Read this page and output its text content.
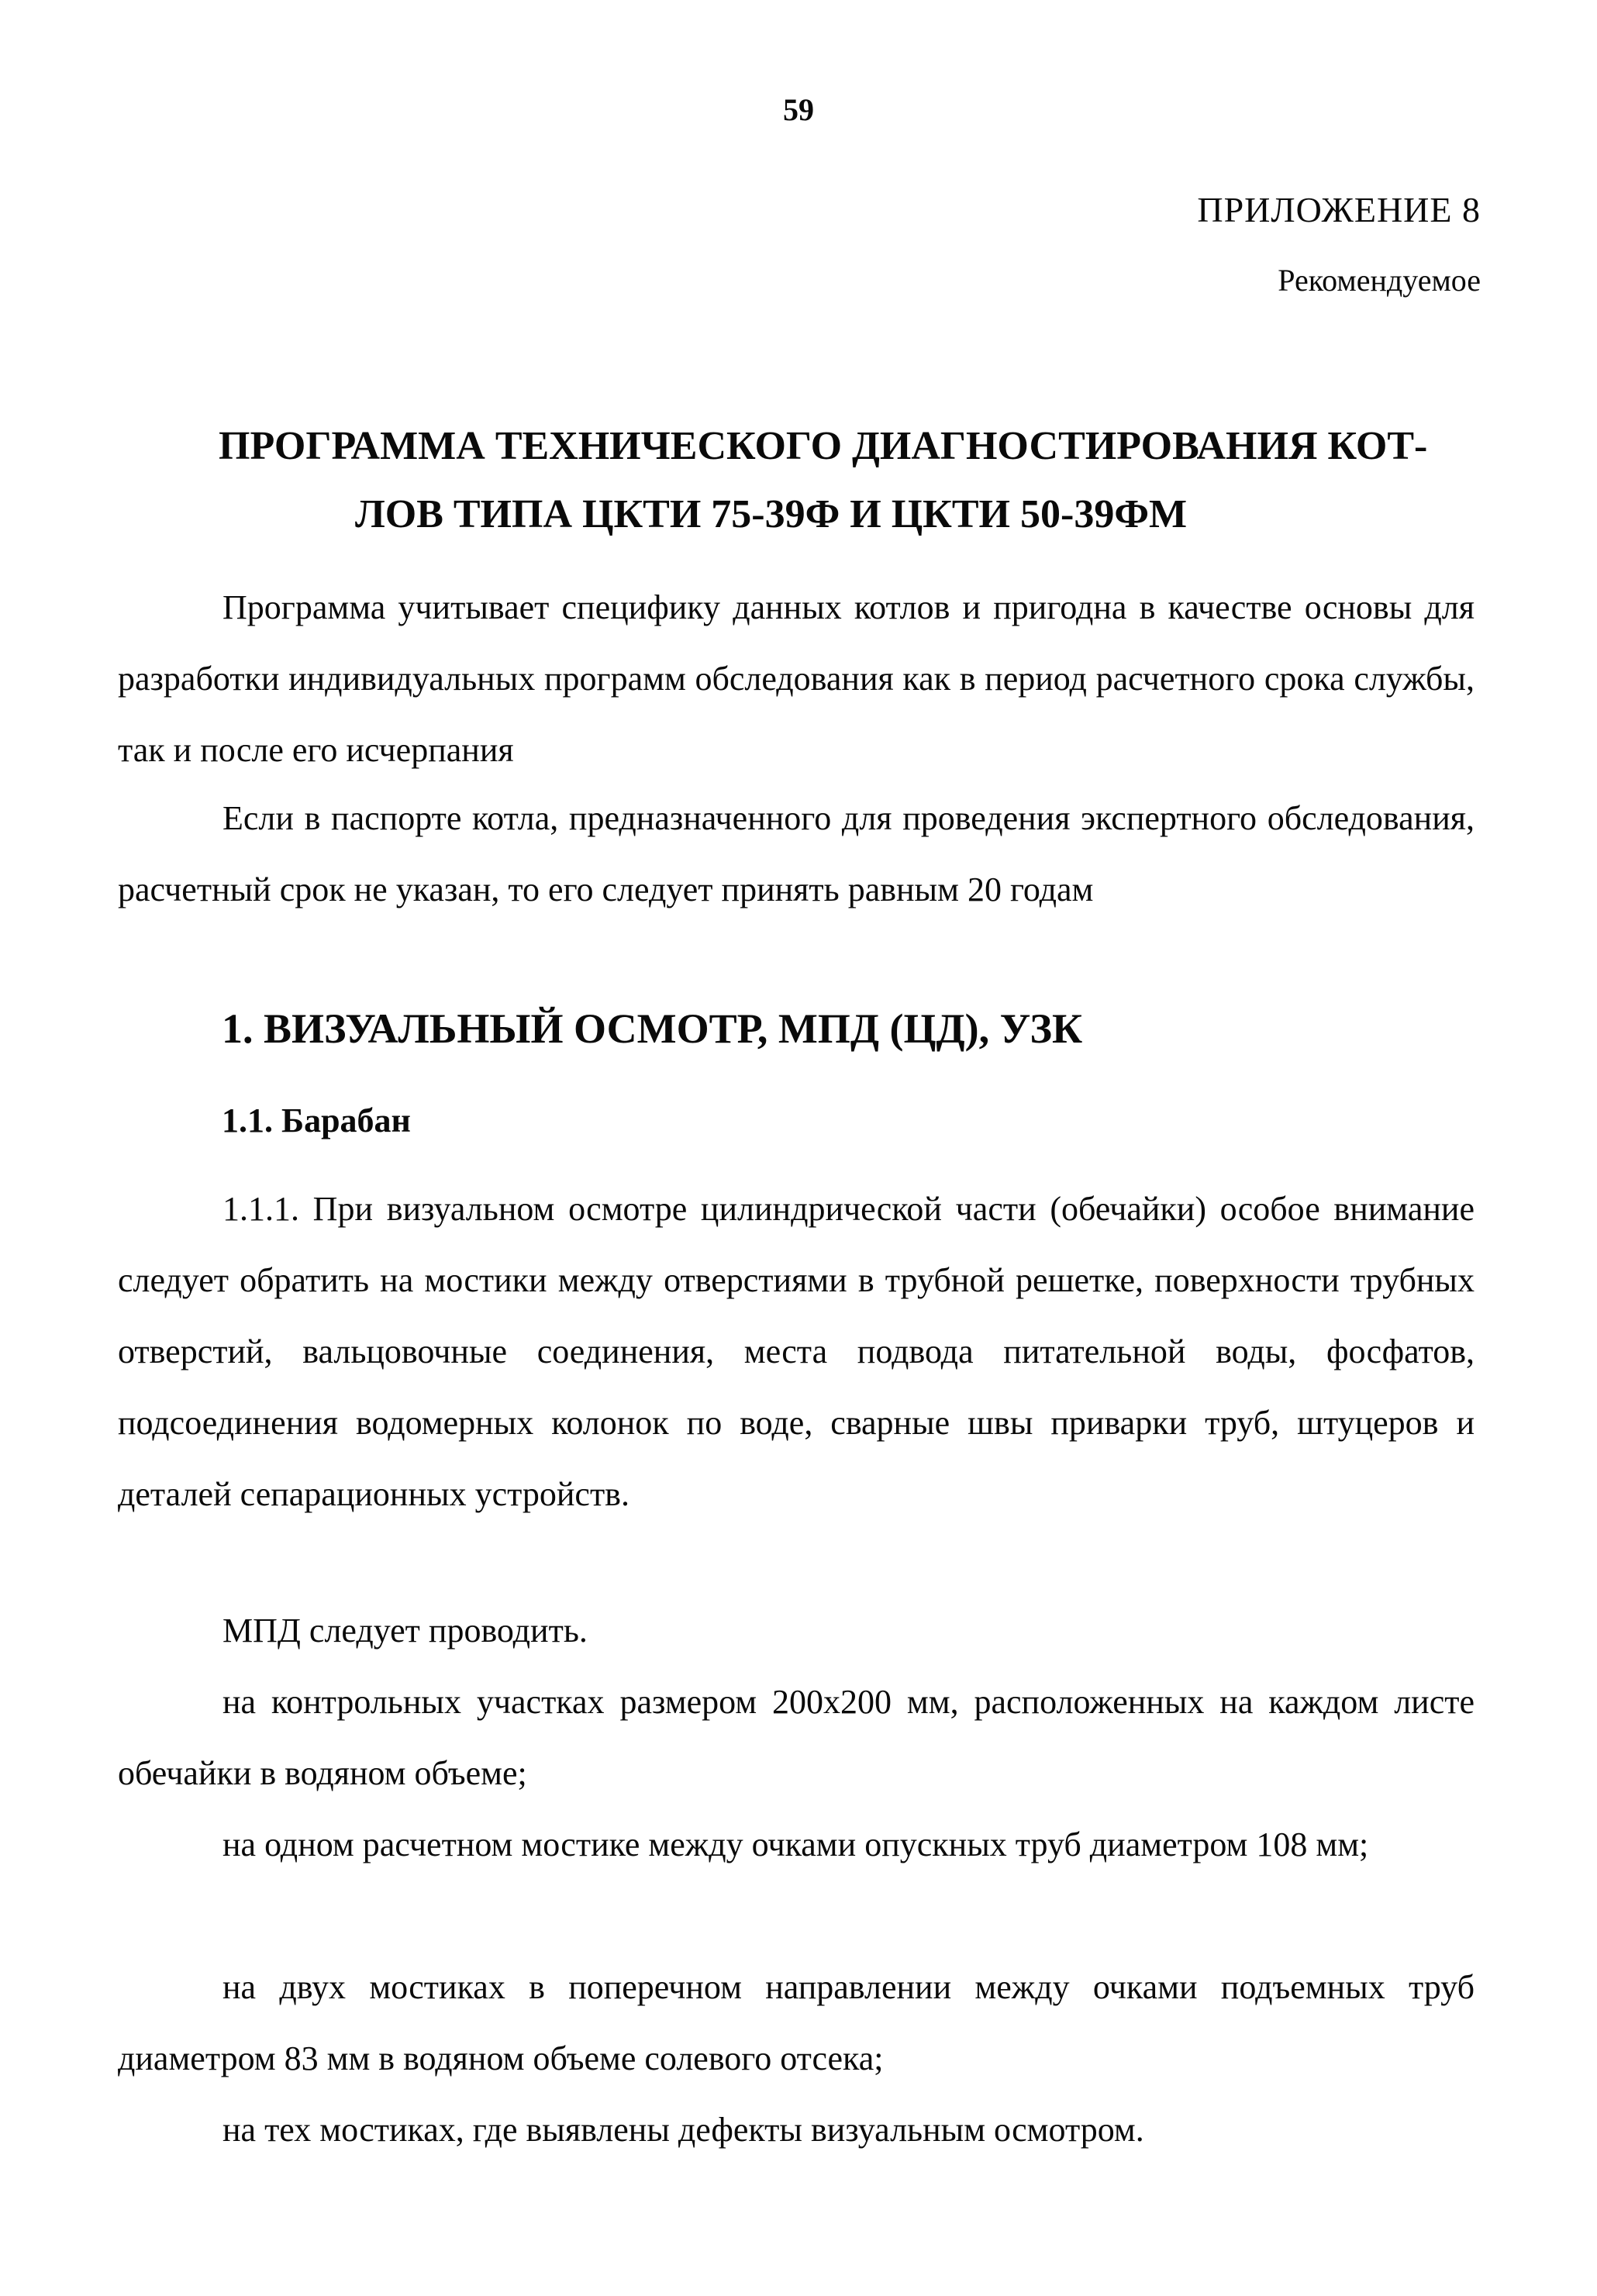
59
ПРИЛОЖЕНИЕ 8
Рекомендуемое
ПРОГРАММА ТЕХНИЧЕСКОГО ДИАГНОСТИРОВАНИЯ КОТ-
ЛОВ ТИПА ЦКТИ 75-39Ф И ЦКТИ 50-39ФМ

Программа учитывает специфику данных котлов и пригодна в качестве основы для разработки индивидуальных программ обследования как в период расчетного срока службы, так и после его исчерпания

Если в паспорте котла, предназначенного для проведения экспертного обследования, расчетный срок не указан, то его следует принять равным 20 годам

1. ВИЗУАЛЬНЫЙ ОСМОТР, МПД (ЦД), УЗК
1.1. Барабан

1.1.1. При визуальном осмотре цилиндрической части (обечайки) особое внимание следует обратить на мостики между отверстиями в трубной решетке, поверхности трубных отверстий, вальцовочные соединения, места подвода питательной воды, фосфатов, подсоединения водомерных колонок по воде, сварные швы приварки труб, штуцеров и деталей сепарационных устройств.

МПД следует проводить.

на контрольных участках размером 200х200 мм, расположенных на каждом листе обечайки в водяном объеме;

на одном расчетном мостике между очками опускных труб диаметром 108 мм;

на двух мостиках в поперечном направлении между очками подъемных труб диаметром 83 мм в водяном объеме солевого отсека;

на тех мостиках, где выявлены дефекты визуальным осмотром.
